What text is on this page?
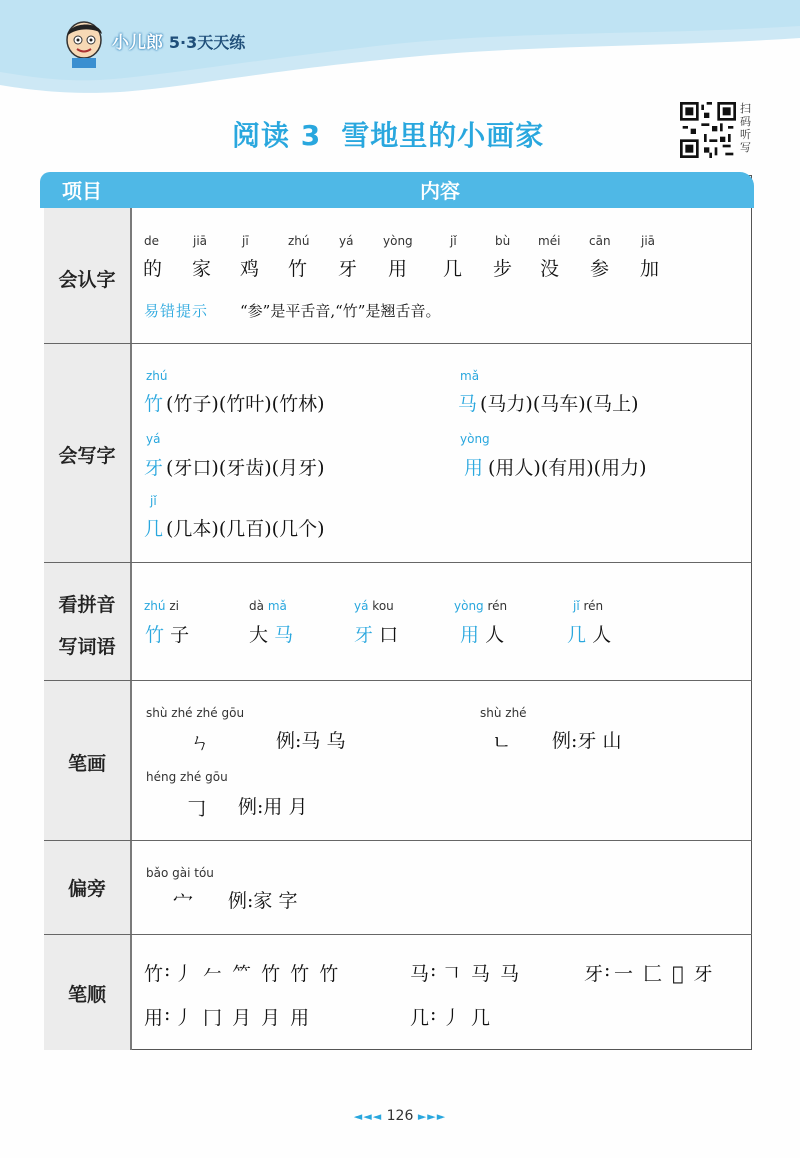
小儿郎 5·3天天练
阅读 3 雪地里的小画家
扫码听写
项目	内容
会认字
de	jiā	jī	zhú yá yòng	jǐ	bù méi cān	jiā
的 家 鸡 竹 牙 用 几 步 没 参 加
易错提示 “参”是平舌音,“竹”是翘舌音。
会写字
zhú
竹 (竹子)(竹叶)(竹林)
mǎ
马 (马力)(马车)(马上)
yá
牙 (牙口)(牙齿)(月牙)
yòng
用 (用人)(有用)(用力)
jǐ
几 (几本)(几百)(几个)
看拼音
写词语
zhú zi
竹 子
dà mǎ
大 马
yá kou
牙 口
yòng rén
用 人
jǐ rén
几 人
笔画
shù zhé zhé gōu
ㄣ	例:马 乌
shù zhé
ㄴ 例:牙 山
héng zhé gōu
𠃌 例:用 月
偏旁
bǎo gài tóu
宀 例:家 字
笔顺
竹 : 丿 𠂉 ⺮ 竹 竹 竹	马 : 𠃍 马 马	牙 : 一 匚 𬼀 牙
用 : 丿 冂 月 月 用	几 : 丿 几
◄◄◄ 126 ►►►
